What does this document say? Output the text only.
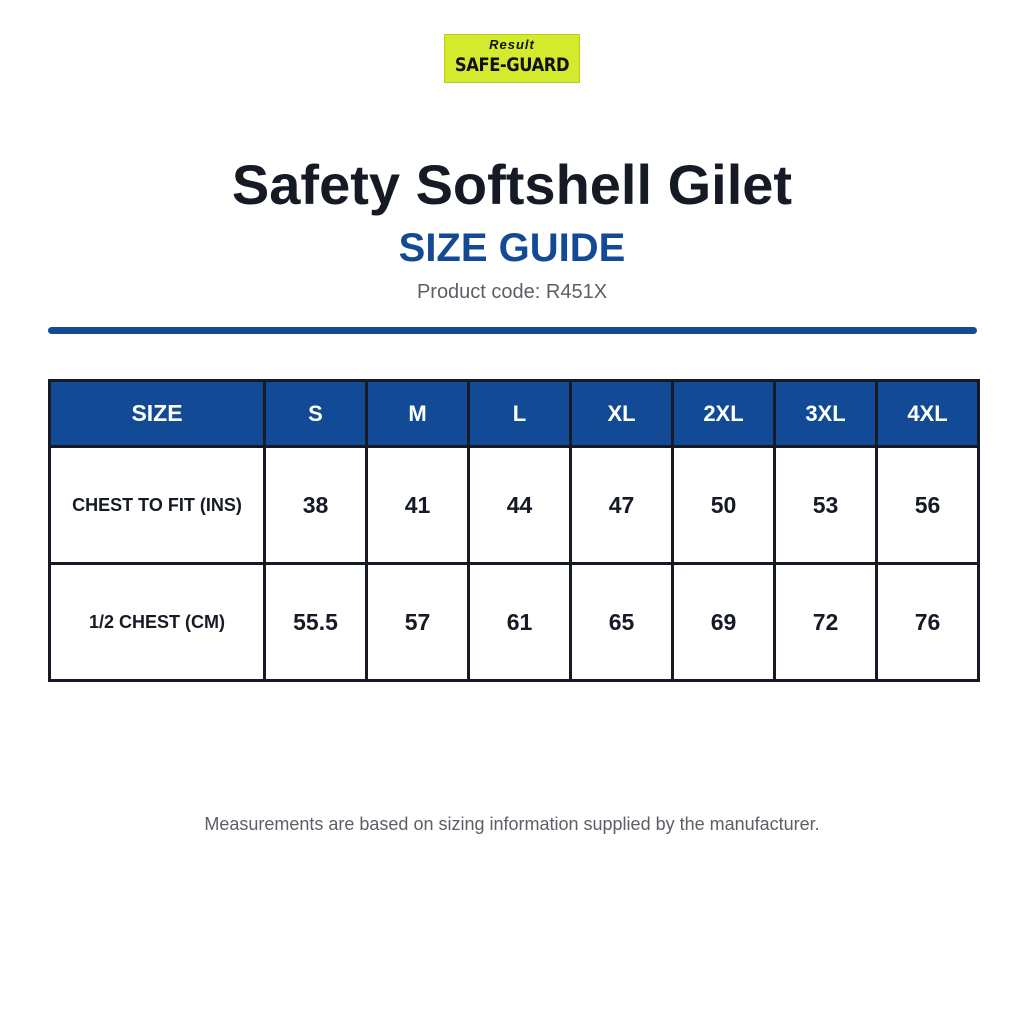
Result
SAFE-GUARD
Safety Softshell Gilet
SIZE GUIDE
Product code: R451X
SIZE	S	M	L	XL	2XL	3XL	4XL
CHEST TO FIT (INS)	38	41	44	47	50	53	56
1/2 CHEST (CM)	55.5	57	61	65	69	72	76
Measurements are based on sizing information supplied by the manufacturer.
